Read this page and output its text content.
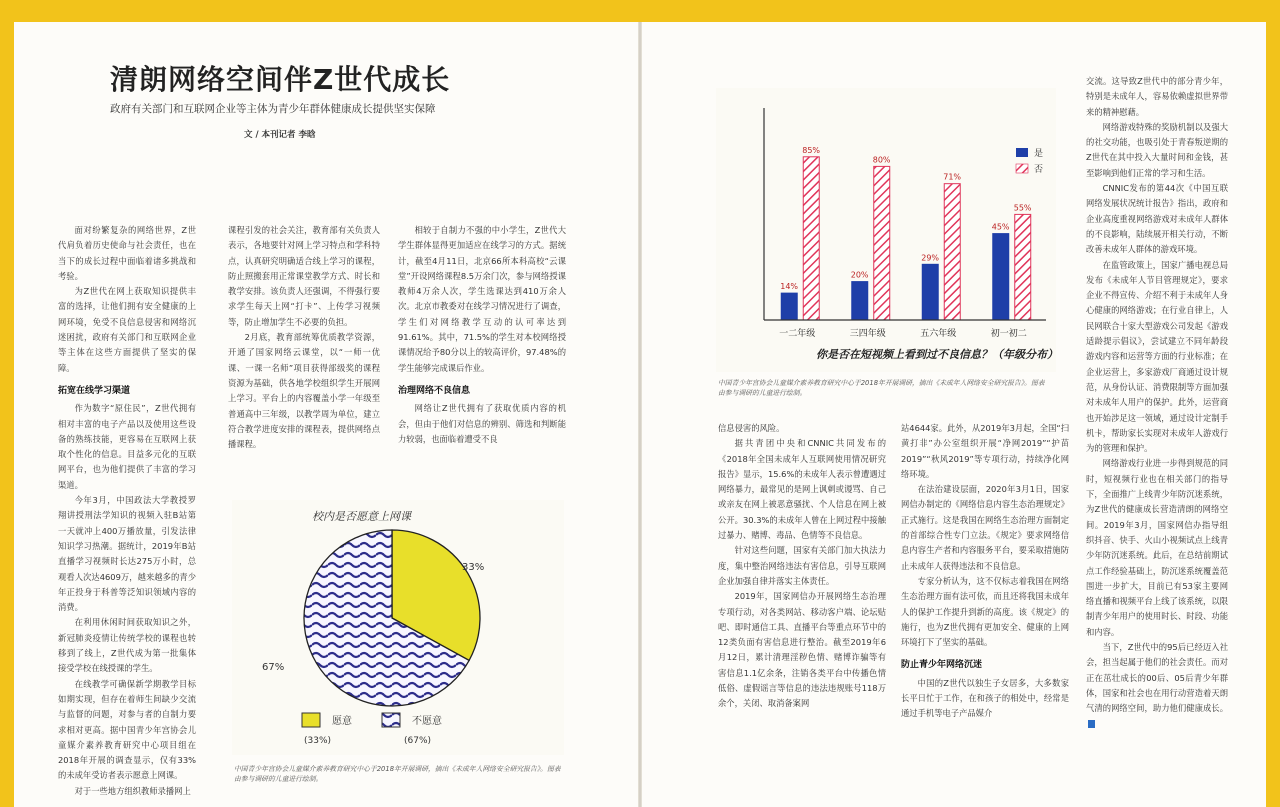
清朗网络空间伴Z世代成长
政府有关部门和互联网企业等主体为青少年群体健康成长提供坚实保障
文 / 本刊记者 李晗

面对纷繁复杂的网络世界，Z世代肩负着历史使命与社会责任，也在当下的成长过程中面临着诸多挑战和考验。

为Z世代在网上获取知识提供丰富的选择，让他们拥有安全健康的上网环境，免受不良信息侵害和网络沉迷困扰，政府有关部门和互联网企业等主体在这些方面提供了坚实的保障。

拓宽在线学习渠道

作为数字“原住民”，Z世代拥有相对丰富的电子产品以及使用这些设备的熟练技能，更容易在互联网上获取个性化的信息。目益多元化的互联网平台，也为他们提供了丰富的学习渠道。

今年3月，中国政法大学教授罗翔讲授刑法学知识的视频入驻B站第一天就冲上400万播放量，引发法律知识学习热潮。据统计，2019年B站直播学习视频时长达275万小时，总观看人次达4609万，越来越多的青少年正投身于科普等泛知识领域内容的消费。

在利用休闲时间获取知识之外，新冠肺炎疫情让传统学校的课程也转移到了线上，Z世代成为第一批集体接受学校在线授课的学生。

在线教学可确保新学期教学目标如期实现，但存在着师生间缺少交流与监督的问题，对参与者的自制力要求相对更高。据中国青少年宫协会儿童媒介素养教育研究中心项目组在2018年开展的调查显示，仅有33%的未成年受访者表示愿意上网课。

对于一些地方组织教师录播网上

课程引发的社会关注，教育部有关负责人表示，各地要针对网上学习特点和学科特点，认真研究明确适合线上学习的课程，防止照搬套用正常课堂教学方式、时长和教学安排。该负责人还强调，不得强行要求学生每天上网“打卡”、上传学习视频等，防止增加学生不必要的负担。

2月底，教育部统筹优质教学资源，开通了国家网络云课堂，以“一师一优课、一课一名师”项目获得部级奖的课程资源为基础，供各地学校组织学生开展网上学习。平台上的内容覆盖小学一年级至普通高中三年级，以教学周为单位，建立符合教学进度安排的课程表，提供网络点播课程。

相较于自制力不强的中小学生，Z世代大学生群体显得更加适应在线学习的方式。据统计，截至4月11日，北京66所本科高校“云课堂”开设网络课程8.5万余门次，参与网络授课教师4万余人次，学生选课达到410万余人次。北京市教委对在线学习情况进行了调查，学生们对网络教学互动的认可率达到91.61%。其中，71.5%的学生对本校网络授课情况给予80分以上的较高评价，97.48%的学生能够完成课后作业。

治理网络不良信息

网络让Z世代拥有了获取优质内容的机会，但由于他们对信息的辨别、筛选和判断能力较弱，也面临着遭受不良

校内是否愿意上网课
33%
67%
愿意
(33%)
不愿意
(67%)
中国青少年宫协会儿童媒介素养教育研究中心于2018年开展调研，摘出《未成年人网络安全研究报告》。图表由参与调研的儿童进行绘制。
14%
85%
一二年级
20%
80%
三四年级
29%
71%
五六年级
45%
55%
初一初二
是
否
你是否在短视频上看到过不良信息？（年级分布）
中国青少年宫协会儿童媒介素养教育研究中心于2018年开展调研，摘出《未成年人网络安全研究报告》。图表由参与调研的儿童进行绘制。

信息侵害的风险。

据共青团中央和CNNIC共同发布的《2018年全国未成年人互联网使用情况研究报告》显示，15.6%的未成年人表示曾遭遇过网络暴力，最常见的是网上讽刺或谩骂、自己或亲友在网上被恶意骚扰、个人信息在网上被公开。30.3%的未成年人曾在上网过程中接触过暴力、赌博、毒品、色情等不良信息。

针对这些问题，国家有关部门加大执法力度，集中整治网络违法有害信息，引导互联网企业加强自律并落实主体责任。

2019年，国家网信办开展网络生态治理专项行动，对各类网站、移动客户端、论坛贴吧、即时通信工具、直播平台等重点环节中的12类负面有害信息进行整治。截至2019年6月12日，累计清理淫秽色情、赌博诈骗等有害信息1.1亿余条，注销各类平台中传播色情低俗、虚假谣言等信息的违法违规账号118万余个，关闭、取消备案网

站4644家。此外，从2019年3月起，全国“扫黄打非”办公室组织开展“净网2019”“护苗2019”“秋风2019”等专项行动，持续净化网络环境。

在法治建设层面，2020年3月1日，国家网信办制定的《网络信息内容生态治理规定》正式施行。这是我国在网络生态治理方面制定的首部综合性专门立法。《规定》要求网络信息内容生产者和内容服务平台，要采取措施防止未成年人获得违法和不良信息。

专家分析认为，这不仅标志着我国在网络生态治理方面有法可依，而且还将我国未成年人的保护工作提升到新的高度。该《规定》的施行，也为Z世代拥有更加安全、健康的上网环境打下了坚实的基础。

防止青少年网络沉迷

中国的Z世代以独生子女居多，大多数家长平日忙于工作，在和孩子的相处中，经常是通过手机等电子产品媒介

交流。这导致Z世代中的部分青少年，特别是未成年人，容易依赖虚拟世界带来的精神慰藉。

网络游戏特殊的奖励机制以及强大的社交功能，也吸引处于青春叛逆期的Z世代在其中投入大量时间和金钱，甚至影响到他们正常的学习和生活。

CNNIC发布的第44次《中国互联网络发展状况统计报告》指出，政府和企业高度重视网络游戏对未成年人群体的不良影响，陆续展开相关行动，不断改善未成年人群体的游戏环境。

在监管政策上，国家广播电视总局发布《未成年人节目管理规定》，要求企业不得宣传、介绍不利于未成年人身心健康的网络游戏；在行业自律上，人民网联合十家大型游戏公司发起《游戏适龄提示倡议》，尝试建立不同年龄段游戏内容和运营等方面的行业标准；在企业运营上，多家游戏厂商通过设计规范，从身份认证、消费限制等方面加强对未成年人用户的保护。此外，运营商也开始涉足这一领域，通过设计定制手机卡，帮助家长实现对未成年人游戏行为的管理和保护。

网络游戏行业进一步得到规范的同时，短视频行业也在相关部门的指导下，全面推广上线青少年防沉迷系统，为Z世代的健康成长营造清朗的网络空间。2019年3月，国家网信办指导组织抖音、快手、火山小视频试点上线青少年防沉迷系统。此后，在总结前期试点工作经验基础上，防沉迷系统覆盖范围进一步扩大，目前已有53家主要网络直播和视频平台上线了该系统，以限制青少年用户的使用时长、时段、功能和内容。

当下，Z世代中的95后已经迈入社会，担当起属于他们的社会责任。而对正在茁壮成长的00后、05后青少年群体，国家和社会也在用行动营造着天朗气清的网络空间，助力他们健康成长。
